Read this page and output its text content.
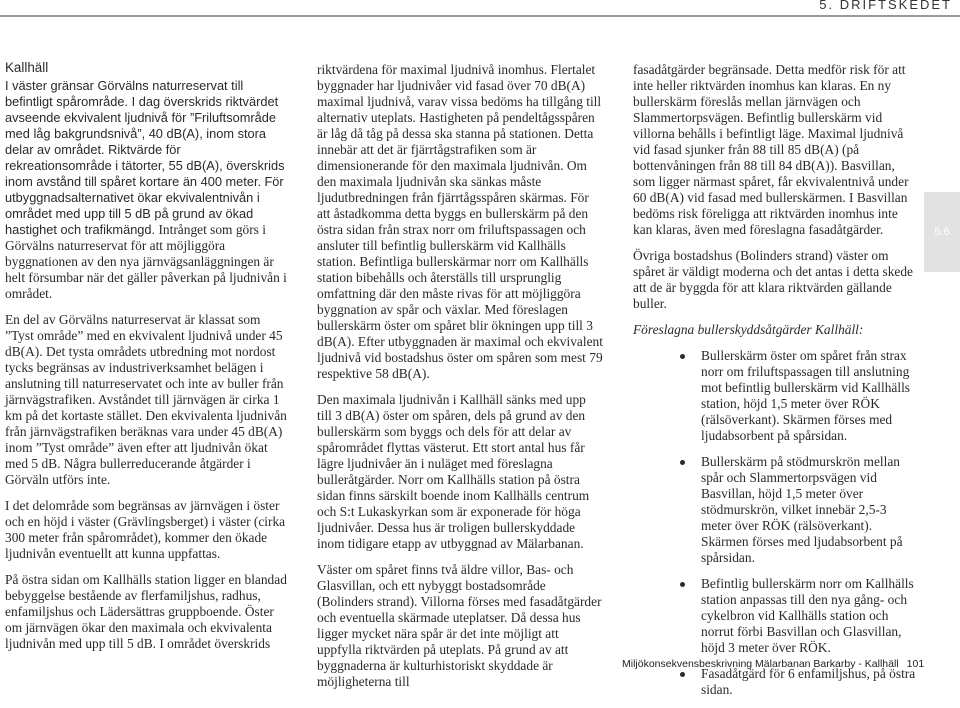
5. DRIFTSKEDET
Kallhäll

I väster gränsar Görvälns naturreservat till befintligt spårområde. I dag överskrids riktvärdet avseende ekvivalent ljudnivå för ”Friluftsområde med låg bakgrundsnivå”, 40 dB(A), inom stora delar av området. Riktvärde för rekreationsområde i tätorter, 55 dB(A), överskrids inom avstånd till spåret kortare än 400 meter. För utbyggnadsalternativet ökar ekvivalentnivån i området med upp till 5 dB på grund av ökad hastighet och trafikmängd. Intrånget som görs i Görvälns naturreservat för att möjliggöra byggnationen av den nya järnvägsanläggningen är helt försumbar när det gäller påverkan på ljudnivån i området.

En del av Görvälns naturreservat är klassat som ”Tyst område” med en ekvivalent ljudnivå under 45 dB(A). Det tysta områdets utbredning mot nordost tycks begränsas av industriverksamhet belägen i anslutning till naturreservatet och inte av buller från järnvägstrafiken. Avståndet till järnvägen är cirka 1 km på det kortaste stället. Den ekvivalenta ljudnivån från järnvägstrafiken beräknas vara under 45 dB(A) inom ”Tyst område” även efter att ljudnivån ökat med 5 dB. Några bullerreducerande åtgärder i Görväln utförs inte.

I det delområde som begränsas av järnvägen i öster och en höjd i väster (Grävlingsberget) i väster (cirka 300 meter från spårområdet), kommer den ökade ljudnivån eventuellt att kunna uppfattas.

På östra sidan om Kallhälls station ligger en blandad bebyggelse bestående av flerfamiljshus, radhus, enfamiljshus och Lädersättras gruppboende. Öster om järnvägen ökar den maximala och ekvivalenta ljudnivån med upp till 5 dB. I området överskrids

riktvärdena för maximal ljudnivå inomhus. Flertalet byggnader har ljudnivåer vid fasad över 70 dB(A) maximal ljudnivå, varav vissa bedöms ha tillgång till alternativ uteplats. Hastigheten på pendeltågsspåren är låg då tåg på dessa ska stanna på stationen. Detta innebär att det är fjärrtågstrafiken som är dimensionerande för den maximala ljudnivån. Om den maximala ljudnivån ska sänkas måste ljudutbredningen från fjärrtågsspåren skärmas. För att åstadkomma detta byggs en bullerskärm på den östra sidan från strax norr om friluftspassagen och ansluter till befintlig bullerskärm vid Kallhälls station. Befintliga bullerskärmar norr om Kallhälls station bibehålls och återställs till ursprunglig omfattning där den måste rivas för att möjliggöra byggnation av spår och växlar. Med föreslagen bullerskärm öster om spåret blir ökningen upp till 3 dB(A). Efter utbyggnaden är maximal och ekvivalent ljudnivå vid bostadshus öster om spåren som mest 79 respektive 58 dB(A).

Den maximala ljudnivån i Kallhäll sänks med upp till 3 dB(A) öster om spåren, dels på grund av den bullerskärm som byggs och dels för att delar av spårområdet flyttas västerut. Ett stort antal hus får lägre ljudnivåer än i nuläget med föreslagna bulleråtgärder. Norr om Kallhälls station på östra sidan finns särskilt boende inom Kallhälls centrum och S:t Lukaskyrkan som är exponerade för höga ljudnivåer. Dessa hus är troligen bullerskyddade inom tidigare etapp av utbyggnad av Mälarbanan.

Väster om spåret finns två äldre villor, Bas- och Glasvillan, och ett nybyggt bostadsområde (Bolinders strand). Villorna förses med fasadåtgärder och eventuella skärmade uteplatser. Då dessa hus ligger mycket nära spår är det inte möjligt att uppfylla riktvärden på uteplats. På grund av att byggnaderna är kulturhistoriskt skyddade är möjligheterna till

fasadåtgärder begränsade. Detta medför risk för att inte heller riktvärden inomhus kan klaras. En ny bullerskärm föreslås mellan järnvägen och Slammertorpsvägen. Befintlig bullerskärm vid villorna behålls i befintligt läge. Maximal ljudnivå vid fasad sjunker från 88 till 85 dB(A) (på bottenvåningen från 88 till 84 dB(A)). Basvillan, som ligger närmast spåret, får ekvivalentnivå under 60 dB(A) vid fasad med bullerskärmen. I Basvillan bedöms risk föreligga att riktvärden inomhus inte kan klaras, även med föreslagna fasadåtgärder.

Övriga bostadshus (Bolinders strand) väster om spåret är väldigt moderna och det antas i detta skede att de är byggda för att klara riktvärden gällande buller.

Föreslagna bullerskyddsåtgärder Kallhäll:

Bullerskärm öster om spåret från strax norr om friluftspassagen till anslutning mot befintlig bullerskärm vid Kallhälls station, höjd 1,5 meter över RÖK (rälsöverkant). Skärmen förses med ljudabsorbent på spårsidan.
Bullerskärm på stödmurskrön mellan spår och Slammertorpsvägen vid Basvillan, höjd 1,5 meter över stödmurskrön, vilket innebär 2,5-3 meter över RÖK (rälsöverkant). Skärmen förses med ljudabsorbent på spårsidan.
Befintlig bullerskärm norr om Kallhälls station anpassas till den nya gång- och cykelbron vid Kallhälls station och norrut förbi Basvillan och Glasvillan, höjd 3 meter över RÖK.
Fasadåtgärd för 6 enfamiljshus, på östra sidan.
5.6
Miljökonsekvensbeskrivning Mälarbanan Barkarby - Kallhäll 101
